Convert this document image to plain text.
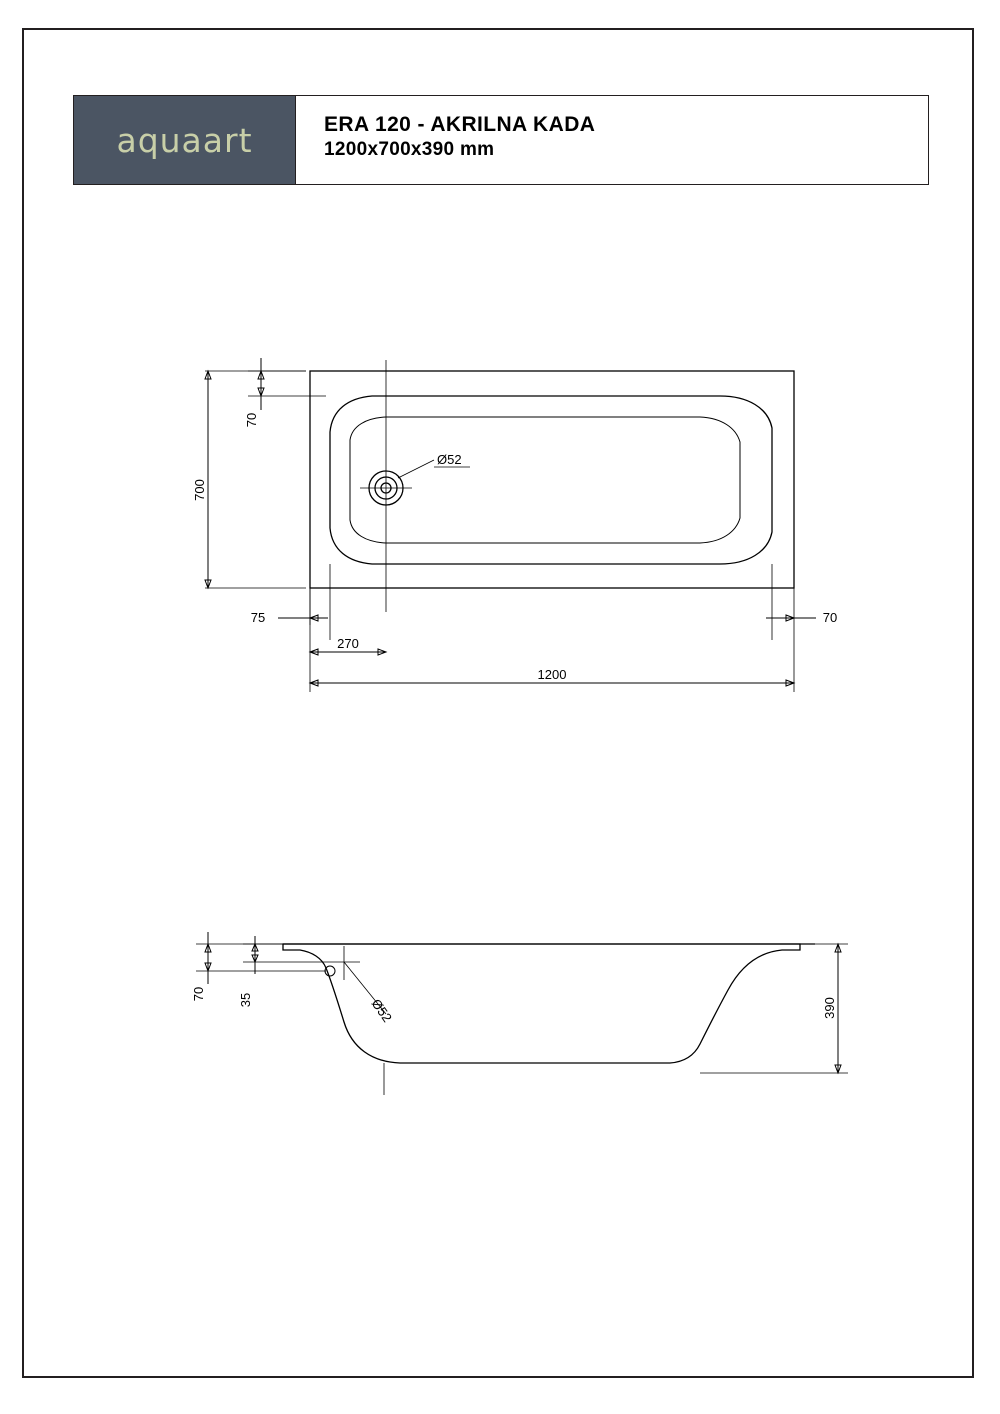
aquaart	ERA 120 - AKRILNA KADA
1200x700x390 mm
Ø52
700
70
75	70
270
1200
Ø52
70 35	390
